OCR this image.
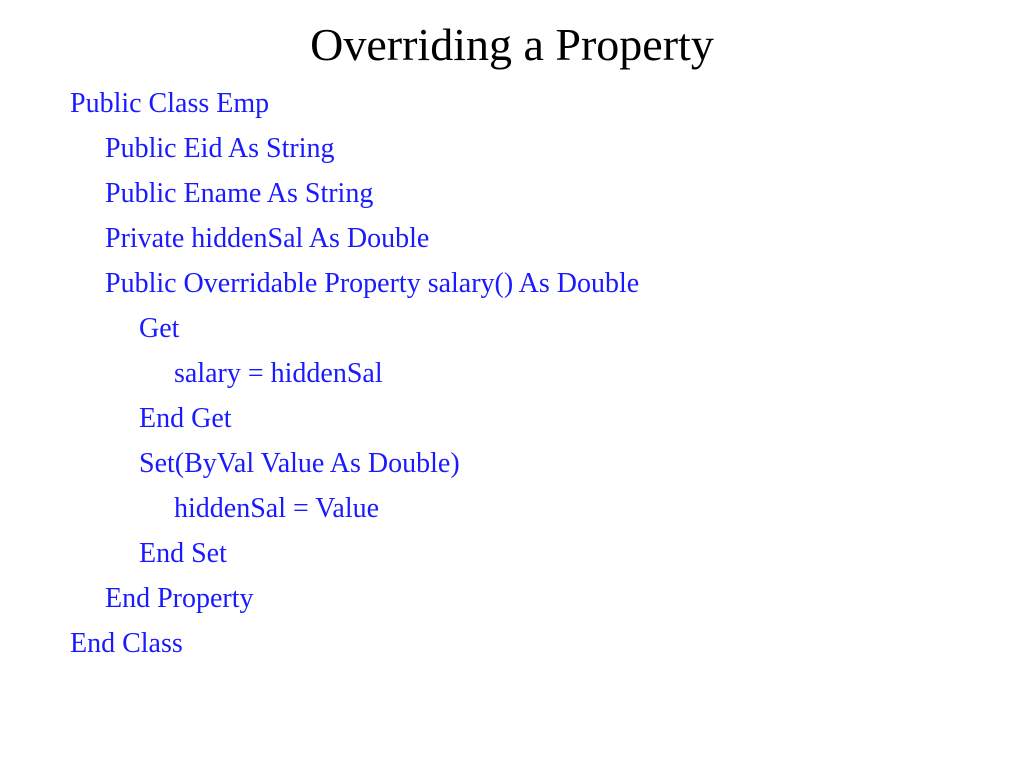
Overriding a Property
Public Class Emp
Public Eid As String
Public Ename As String
Private hiddenSal As Double
Public Overridable Property salary() As Double
Get
salary = hiddenSal
End Get
Set(ByVal Value As Double)
hiddenSal = Value
End Set
End Property
End Class
